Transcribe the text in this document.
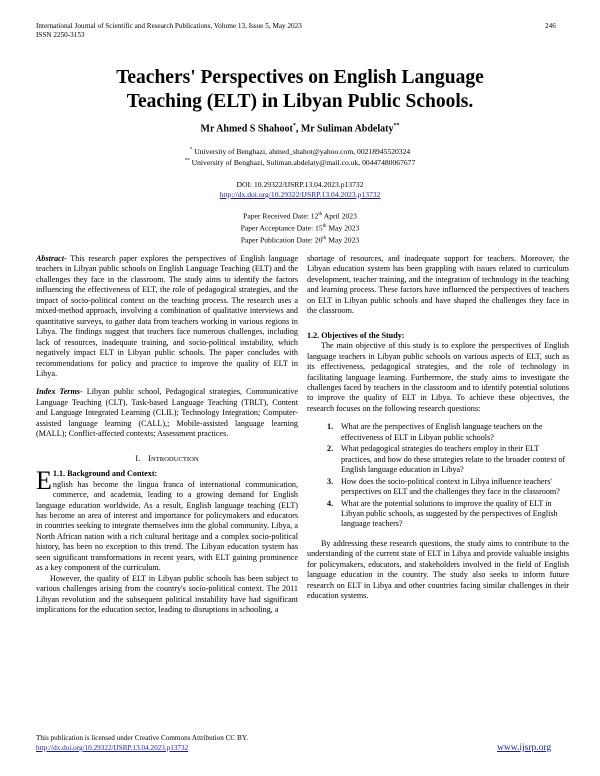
International Journal of Scientific and Research Publications, Volume 13, Issue 5, May 2023
ISSN 2250-3153
246
Teachers' Perspectives on English Language
Teaching (ELT) in Libyan Public Schools.
Mr Ahmed S Shahoot*, Mr Suliman Abdelaty**
* University of Benghazi, ahmed_shahot@yahoo.com, 00218945520324
** University of Benghazi, Suliman.abdelaty@mail.co.uk, 00447480067677
DOI: 10.29322/IJSRP.13.04.2023.p13732
http://dx.doi.org/10.29322/IJSRP.13.04.2023.p13732
Paper Received Date: 12th April 2023
Paper Acceptance Date: 15th May 2023
Paper Publication Date: 20th May 2023

Abstract- This research paper explores the perspectives of English language teachers in Libyan public schools on English Language Teaching (ELT) and the challenges they face in the classroom. The study aims to identify the factors influencing the effectiveness of ELT, the role of pedagogical strategies, and the impact of socio-political context on the teaching process. The research uses a mixed-method approach, involving a combination of qualitative interviews and quantitative surveys, to gather data from teachers working in various regions in Libya. The findings suggest that teachers face numerous challenges, including lack of resources, inadequate training, and socio-political instability, which negatively impact ELT in Libyan public schools. The paper concludes with recommendations for policy and practice to improve the quality of ELT in Libya.

Index Terms- Libyan public school, Pedagogical strategies, Communicative Language Teaching (CLT), Task-based Language Teaching (TBLT), Content and Language Integrated Learning (CLIL); Technology Integration; Computer-assisted language learning (CALL),; Mobile-assisted language learning (MALL); Conflict-affected contexts; Assessment practices.

I. INTRODUCTION

E 1.1. Background and Context:
nglish has become the lingua franca of international communication, commerce, and academia, leading to a growing demand for English language education worldwide. As a result, English language teaching (ELT) has become an area of interest and importance for policymakers and educators in countries seeking to integrate themselves into the global community. Libya, a North African nation with a rich cultural heritage and a complex socio-political history, has been no exception to this trend. The Libyan education system has seen significant transformations in recent years, with ELT gaining prominence as a key component of the curriculum.

However, the quality of ELT in Libyan public schools has been subject to various challenges arising from the country's socio-political context. The 2011 Libyan revolution and the subsequent political instability have had significant implications for the education sector, leading to disruptions in schooling, a

shortage of resources, and inadequate support for teachers. Moreover, the Libyan education system has been grappling with issues related to curriculum development, teacher training, and the integration of technology in the teaching and learning process. These factors have influenced the perspectives of teachers on ELT in Libyan public schools and have shaped the challenges they face in the classroom.

1.2. Objectives of the Study:

The main objective of this study is to explore the perspectives of English language teachers in Libyan public schools on various aspects of ELT, such as its effectiveness, pedagogical strategies, and the role of technology in facilitating language learning. Furthermore, the study aims to investigate the challenges faced by teachers in the classroom and to identify potential solutions to improve the quality of ELT in Libya. To achieve these objectives, the research focuses on the following research questions:

1. What are the perspectives of English language teachers on the effectiveness of ELT in Libyan public schools?
2. What pedagogical strategies do teachers employ in their ELT practices, and how do these strategies relate to the broader context of English language education in Libya?
3. How does the socio-political context in Libya influence teachers' perspectives on ELT and the challenges they face in the classroom?
4. What are the potential solutions to improve the quality of ELT in Libyan public schools, as suggested by the perspectives of English language teachers?

By addressing these research questions, the study aims to contribute to the understanding of the current state of ELT in Libya and provide valuable insights for policymakers, educators, and stakeholders involved in the field of English language education in the country. The study also seeks to inform future research on ELT in Libya and other countries facing similar challenges in their education systems.

This publication is licensed under Creative Commons Attribution CC BY.
http://dx.doi.org/10.29322/IJSRP.13.04.2023.p13732	www.ijsrp.org
